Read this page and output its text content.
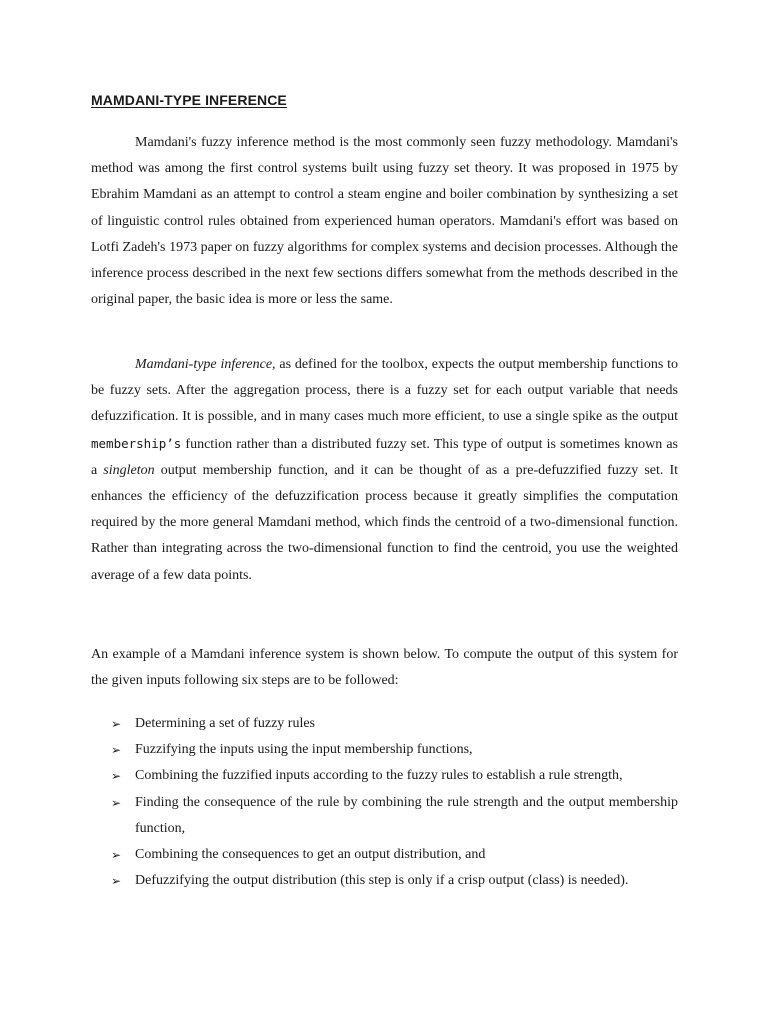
MAMDANI-TYPE INFERENCE

Mamdani's fuzzy inference method is the most commonly seen fuzzy methodology. Mamdani's method was among the first control systems built using fuzzy set theory. It was proposed in 1975 by Ebrahim Mamdani as an attempt to control a steam engine and boiler combination by synthesizing a set of linguistic control rules obtained from experienced human operators. Mamdani's effort was based on Lotfi Zadeh's 1973 paper on fuzzy algorithms for complex systems and decision processes. Although the inference process described in the next few sections differs somewhat from the methods described in the original paper, the basic idea is more or less the same.

Mamdani-type inference, as defined for the toolbox, expects the output membership functions to be fuzzy sets. After the aggregation process, there is a fuzzy set for each output variable that needs defuzzification. It is possible, and in many cases much more efficient, to use a single spike as the output membership’s function rather than a distributed fuzzy set. This type of output is sometimes known as a singleton output membership function, and it can be thought of as a pre-defuzzified fuzzy set. It enhances the efficiency of the defuzzification process because it greatly simplifies the computation required by the more general Mamdani method, which finds the centroid of a two-dimensional function. Rather than integrating across the two-dimensional function to find the centroid, you use the weighted average of a few data points.

An example of a Mamdani inference system is shown below. To compute the output of this system for the given inputs following six steps are to be followed:

➢ Determining a set of fuzzy rules
➢ Fuzzifying the inputs using the input membership functions,
➢ Combining the fuzzified inputs according to the fuzzy rules to establish a rule strength,
➢ Finding the consequence of the rule by combining the rule strength and the output membership function,
➢ Combining the consequences to get an output distribution, and
➢ Defuzzifying the output distribution (this step is only if a crisp output (class) is needed).
